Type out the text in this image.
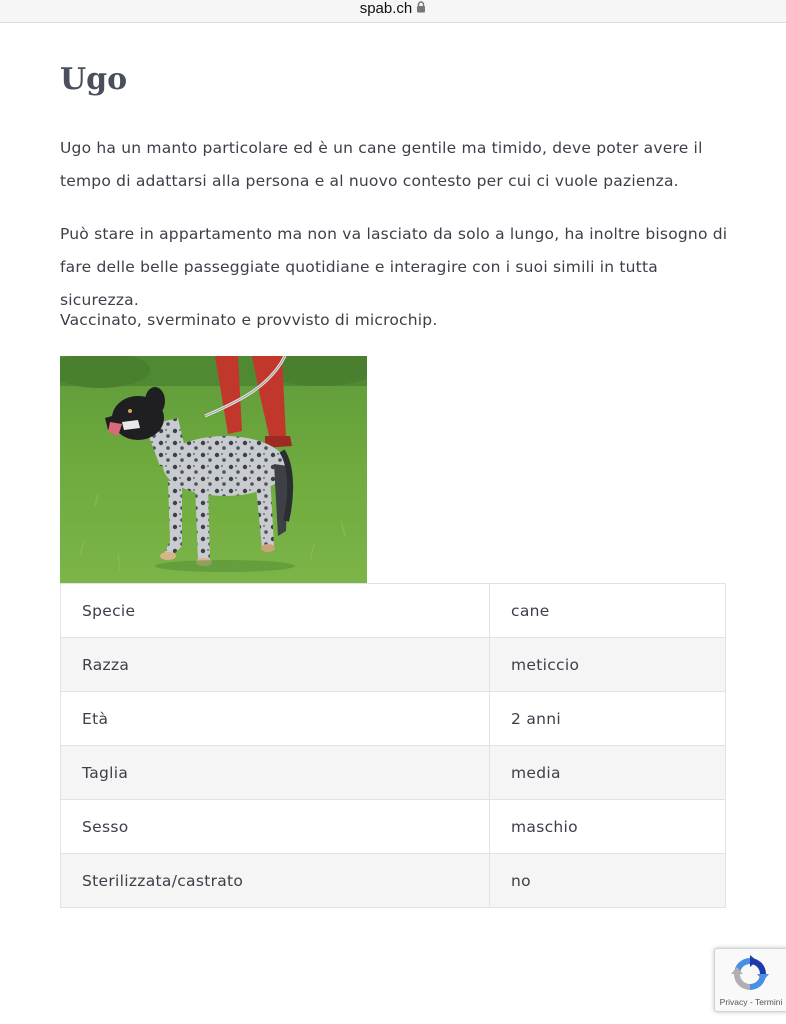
spab.ch
Ugo

Ugo ha un manto particolare ed è un cane gentile ma timido, deve poter avere il tempo di adattarsi alla persona e al nuovo contesto per cui ci vuole pazienza.

Può stare in appartamento ma non va lasciato da solo a lungo, ha inoltre bisogno di fare delle belle passeggiate quotidiane e interagire con i suoi simili in tutta sicurezza.

Vaccinato, sverminato e provvisto di microchip.

Specie	cane
Razza	meticcio
Età	2 anni
Taglia	media
Sesso	maschio
Sterilizzata/castrato	no
Privacy - Termini
